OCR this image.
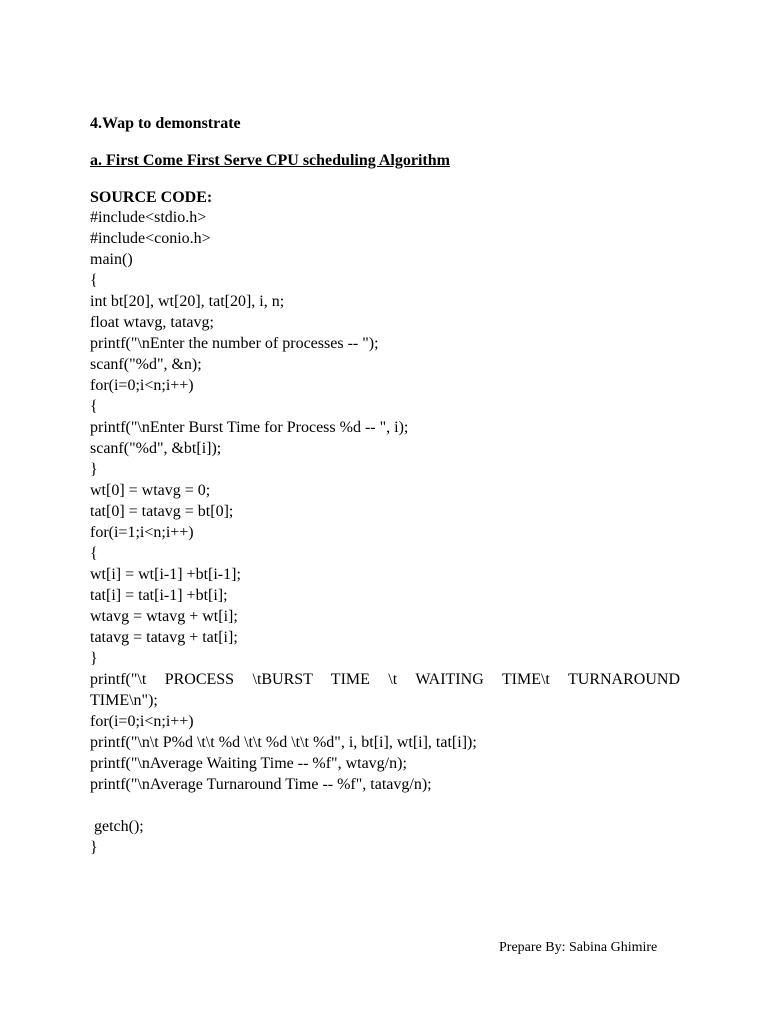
4.Wap to demonstrate
a. First Come First Serve CPU scheduling Algorithm
SOURCE CODE:
#include<stdio.h>
#include<conio.h>
main()
{
int bt[20], wt[20], tat[20], i, n;
float wtavg, tatavg;
printf("\nEnter the number of processes -- ");
scanf("%d", &n);
for(i=0;i<n;i++)
{
printf("\nEnter Burst Time for Process %d -- ", i);
scanf("%d", &bt[i]);
}
wt[0] = wtavg = 0;
tat[0] = tatavg = bt[0];
for(i=1;i<n;i++)
{
wt[i] = wt[i-1] +bt[i-1];
tat[i] = tat[i-1] +bt[i];
wtavg = wtavg + wt[i];
tatavg = tatavg + tat[i];
}
printf("\t PROCESS \tBURST TIME \t WAITING TIME\t TURNAROUND
TIME\n");
for(i=0;i<n;i++)
printf("\n\t P%d \t\t %d \t\t %d \t\t %d", i, bt[i], wt[i], tat[i]);
printf("\nAverage Waiting Time -- %f", wtavg/n);
printf("\nAverage Turnaround Time -- %f", tatavg/n);
getch();
}
Prepare By: Sabina Ghimire
